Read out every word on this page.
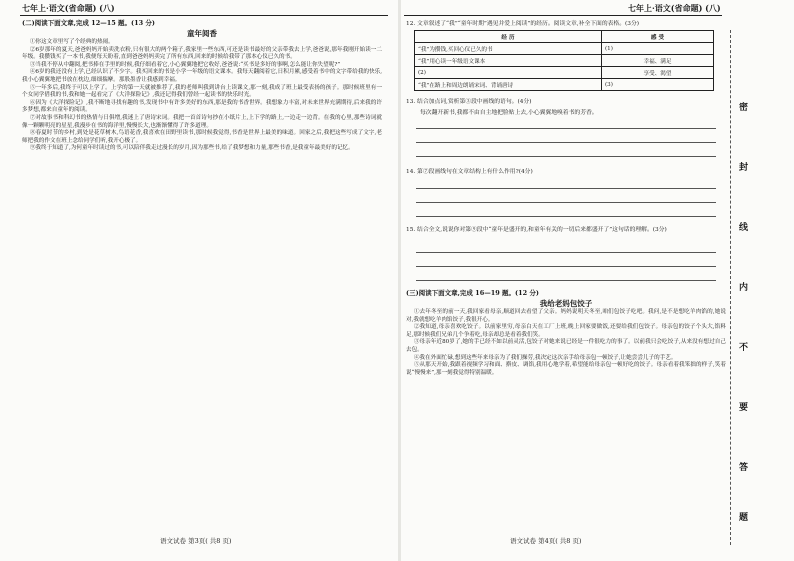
七年上·语文(省命题) (八)

(二)阅读下面文章,完成 12—15 题。(13 分)

童年阅香

①你这文章里写了个经典的热闹。

②6岁那年的夏天,爸爸妈妈开始卖洗衣粉,只有很大的两个箱子,我家里一些东西,可还是读书最好的父亲带我去上学,爸爸说,那年我刚开始读一二年级。我攒钱买了一本书,我便每天盼着,直到爸爸妈妈卖完了所有东西,回来的时候给我带了那本心仪已久的书。

③当我不停从中翻阅,把书捧在手里的时候,我仔细看着它,小心翼翼地把它收好,爸爸说:“买书是多好的事啊,怎么能让你失望呢?”

④6岁的我还没有上学,已经认识了不少字。我买回来的书是小学一年级的语文课本。我每天翻阅着它,日积月累,感受着书中的文字带给我的快乐,我小心翼翼地把书放在枕边,细细揣摩。那股墨香让我感到幸福。

⑤一年多后,我终于可以上学了。上学的第一天就被推荐了,我的老师叫我到讲台上读课文,那一刻,我成了班上最受表扬的孩子。那时候班里有一个女同学借我的书,我和她一起看完了《大洋探险记》,我还记得我们曾经一起读书的快乐时光。

⑥因为《大洋探险记》,我不断地寻找有趣的书,发现书中有许多美好的东西,那是我的书香世界。我想象力丰富,对未来世界充满期待,后来我的许多梦想,都来自童年的阅读。

⑦对故事书和科幻书的热情与日俱增,我迷上了唐诗宋词。我把一首首诗句抄在小纸片上,上下学的路上,一边走一边背。在我的心里,那些诗词就像一颗颗明亮的星星,我漫步在书的海洋里,慢慢长大,也渐渐懂得了许多道理。

⑧春夏时节的乡村,到处是花草树木,鸟语花香,我喜欢在田野里读书,那时候我觉得,书香是世界上最美的味道。回家之后,我把这些写成了文字,老师把我的作文在班上念给同学们听,我开心极了。

⑨我终于知道了,为何童年时读过的书,可以陪伴我走过漫长的岁月,因为那些书,给了我梦想和力量,那些书香,是我童年最美好的记忆。

语文试卷 第3页( 共8 页)
七年上·语文(省命题) (八)
12. 文章叙述了“我”“童年时期”遇见并爱上阅读”的经历。阅读文章,补全下面的表格。(3分)
经 历	感 受
“我”为攒钱,买回心仪已久的书	(1)
“我”用心读一年级语文课本	幸福、满足
(2)	享受、渴望
“我”在路上和周边朗诵宋词、背诵唐诗	(3)
13. 结合加点词,赏析第③段中画线的语句。(4分)
每次翻开新书,我都不由自主地把脸贴上去,小心翼翼地嗅着书的芳香。
14. 第⑦段画线句在文章结构上有什么作用?(4分)
15. 结合全文,说说你对第⑨段中“童年是盛开的,和童年有关的一切后来都盛开了”这句话的理解。(3分)

(三)阅读下面文章,完成 16—19 题。(12 分)

我给老妈包饺子

①去年冬至的前一天,我回家看母亲,顺道回去看望了父亲。妈妈说明天冬至,咱们包饺子吃吧。我问,是不是想吃羊肉馅的,她说对,我就想吃羊肉馅饺子,我很开心。

②我知道,母亲喜欢吃饺子。以前家里穷,母亲白天在工厂上班,晚上回家要做饭,还要给我们包饺子。母亲包的饺子个头大,馅料足,那时候我们兄弟几个争着吃,母亲却总是看着我们笑。

③母亲年近80岁了,她的手已经不如以前灵活,包饺子对她来说已经是一件很吃力的事了。以前我只会吃饺子,从来没有想过自己去包。

④我在外面忙碌,想到这些年来母亲为了我们操劳,我决定这次亲手给母亲包一顿饺子,让她尝尝儿子的手艺。

⑤从那天开始,我跟着视频学习和面、擀皮、调馅,我用心地学着,希望能给母亲包一顿好吃的饺子。母亲看着我笨拙的样子,笑着说“慢慢来”,那一刻我觉得特别温暖。

语文试卷 第4页( 共8 页)
密
封
线
内
不
要
答
题
